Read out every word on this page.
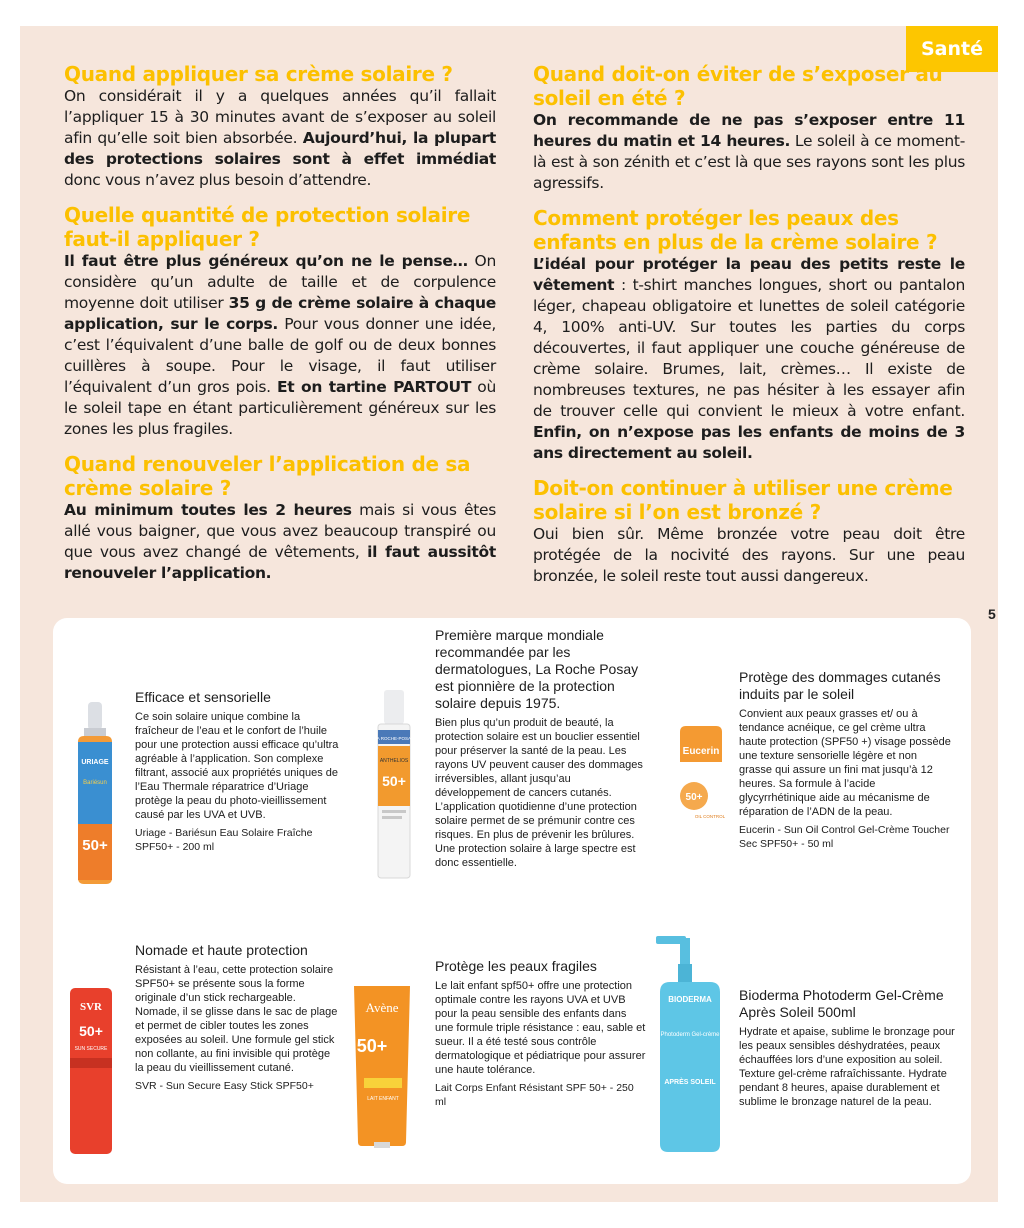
Santé
5
Quand appliquer sa crème solaire ?

On considérait il y a quelques années qu’il fallait l’appliquer 15 à 30 minutes avant de s’exposer au soleil afin qu’elle soit bien absorbée. Aujourd’hui, la plupart des protections solaires sont à effet immédiat donc vous n’avez plus besoin d’attendre.

Quelle quantité de protection solaire faut-il appliquer ?

Il faut être plus généreux qu’on ne le pense… On considère qu’un adulte de taille et de corpulence moyenne doit utiliser 35 g de crème solaire à chaque application, sur le corps. Pour vous donner une idée, c’est l’équivalent d’une balle de golf ou de deux bonnes cuillères à soupe. Pour le visage, il faut utiliser l’équivalent d’un gros pois. Et on tartine PARTOUT où le soleil tape en étant particulièrement généreux sur les zones les plus fragiles.

Quand renouveler l’application de sa crème solaire ?

Au minimum toutes les 2 heures mais si vous êtes allé vous baigner, que vous avez beaucoup transpiré ou que vous avez changé de vêtements, il faut aussitôt renouveler l’application.

Quand doit-on éviter de s’exposer au soleil en été ?

On recommande de ne pas s’exposer entre 11 heures du matin et 14 heures. Le soleil à ce moment-là est à son zénith et c’est là que ses rayons sont les plus agressifs.

Comment protéger les peaux des enfants en plus de la crème solaire ?

L’idéal pour protéger la peau des petits reste le vêtement : t-shirt manches longues, short ou pantalon léger, chapeau obligatoire et lunettes de soleil catégorie 4, 100% anti-UV. Sur toutes les parties du corps découvertes, il faut appliquer une couche généreuse de crème solaire. Brumes, lait, crèmes… Il existe de nombreuses textures, ne pas hésiter à les essayer afin de trouver celle qui convient le mieux à votre enfant. Enfin, on n’expose pas les enfants de moins de 3 ans directement au soleil.

Doit-on continuer à utiliser une crème solaire si l’on est bronzé ?

Oui bien sûr. Même bronzée votre peau doit être protégée de la nocivité des rayons. Sur une peau bronzée, le soleil reste tout aussi dangereux.

URIAGE
Bariésun
50+

Efficace et sensorielle

Ce soin solaire unique combine la fraîcheur de l’eau et le confort de l’huile pour une protection aussi efficace qu’ultra agréable à l’application. Son complexe filtrant, associé aux propriétés uniques de l’Eau Thermale réparatrice d’Uriage protège la peau du photo-vieillissement causé par les UVA et UVB.

Uriage - Bariésun Eau Solaire Fraîche SPF50+ - 200 ml

LA ROCHE-POSAY
ANTHELIOS
50+

Première marque mondiale recommandée par les dermatologues, La Roche Posay est pionnière de la protection solaire depuis 1975.

Bien plus qu’un produit de beauté, la protection solaire est un bouclier essentiel pour préserver la santé de la peau. Les rayons UV peuvent causer des dommages irréversibles, allant jusqu’au développement de cancers cutanés. L’application quotidienne d’une protection solaire permet de se prémunir contre ces risques. En plus de prévenir les brûlures. Une protection solaire à large spectre est donc essentielle.

Eucerin
50+
OIL CONTROL

Protège des dommages cutanés induits par le soleil

Convient aux peaux grasses et/ ou à tendance acnéique, ce gel crème ultra haute protection (SPF50 +) visage possède une texture sensorielle légère et non grasse qui assure un fini mat jusqu’à 12 heures. Sa formule à l’acide glycyrrhétinique aide au mécanisme de réparation de l’ADN de la peau.

Eucerin - Sun Oil Control Gel-Crème Toucher Sec SPF50+ - 50 ml

SVR
50+
SUN SECURE

Nomade et haute protection

Résistant à l’eau, cette protection solaire SPF50+ se présente sous la forme originale d’un stick rechargeable. Nomade, il se glisse dans le sac de plage et permet de cibler toutes les zones exposées au soleil. Une formule gel stick non collante, au fini invisible qui protège la peau du vieillissement cutané.

SVR - Sun Secure Easy Stick SPF50+

Avène
50+
LAIT ENFANT

Protège les peaux fragiles

Le lait enfant spf50+ offre une protection optimale contre les rayons UVA et UVB pour la peau sensible des enfants dans une formule triple résistance : eau, sable et sueur. Il a été testé sous contrôle dermatologique et pédiatrique pour assurer une haute tolérance.

Lait Corps Enfant Résistant SPF 50+ - 250 ml

BIODERMA
Photoderm Gel-crème
APRÈS SOLEIL

Bioderma Photoderm Gel-Crème Après Soleil 500ml

Hydrate et apaise, sublime le bronzage pour les peaux sensibles déshydratées, peaux échauffées lors d’une exposition au soleil. Texture gel-crème rafraîchissante. Hydrate pendant 8 heures, apaise durablement et sublime le bronzage naturel de la peau.
